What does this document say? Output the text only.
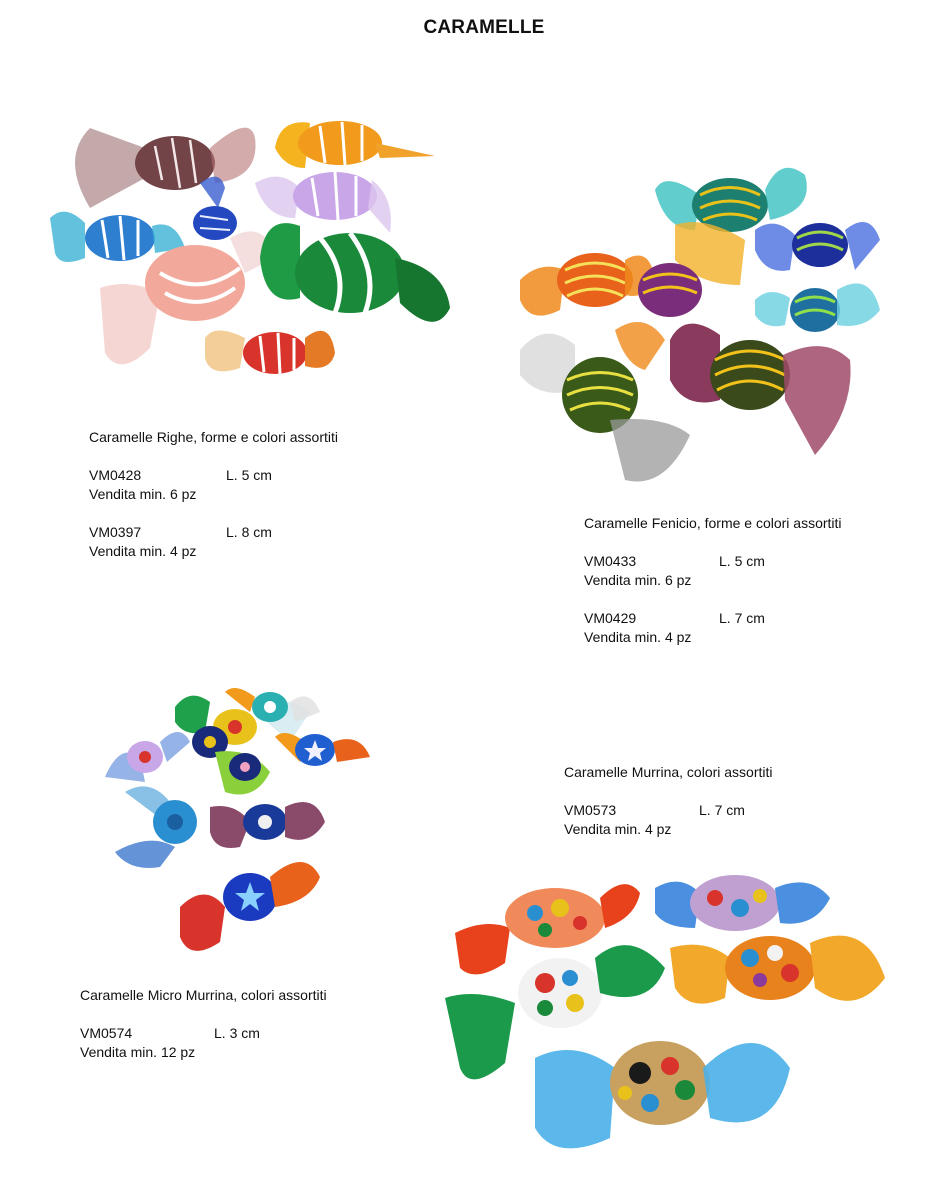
CARAMELLE
Caramelle Righe, forme e colori assortiti
VM0428	L. 5 cm
Vendita min. 6 pz
VM0397	L. 8 cm
Vendita min. 4 pz
Caramelle Fenicio, forme e colori assortiti
VM0433	L. 5 cm
Vendita min. 6 pz
VM0429	L. 7 cm
Vendita min. 4 pz
Caramelle Murrina, colori assortiti
VM0573	L. 7 cm
Vendita min. 4 pz
Caramelle Micro Murrina, colori assortiti
VM0574	L. 3 cm
Vendita min. 12 pz
